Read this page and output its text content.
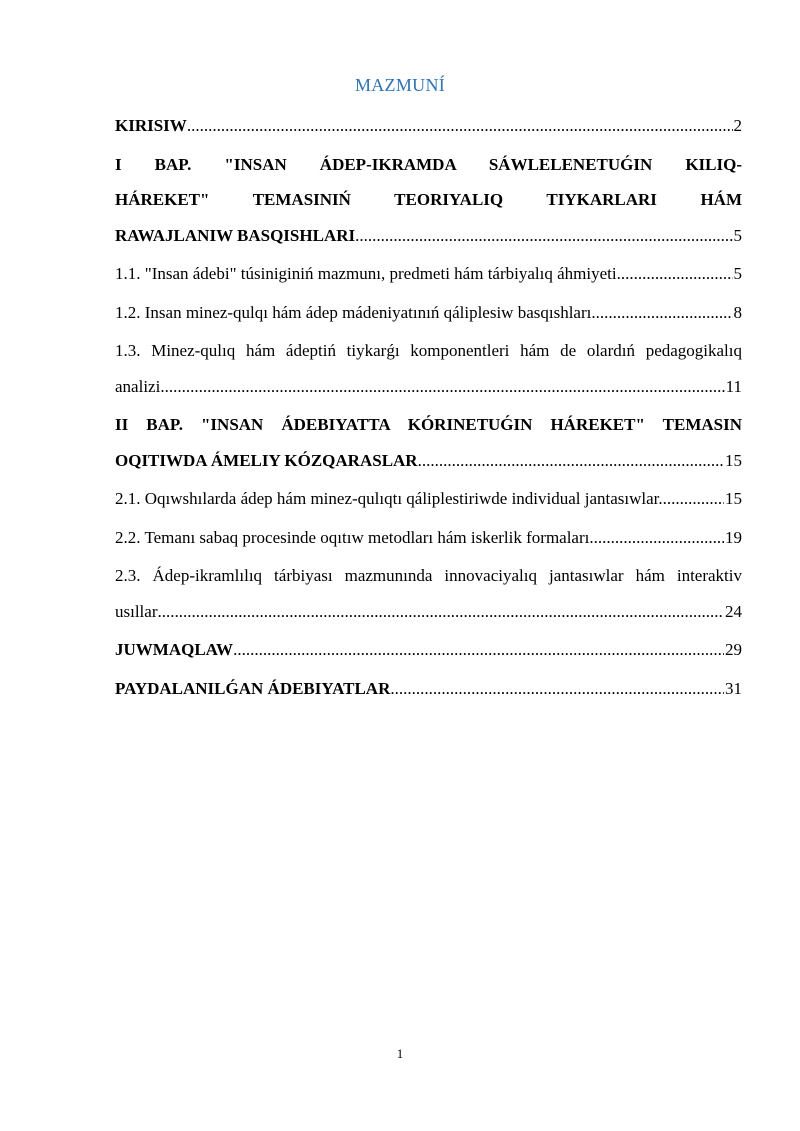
MAZMUNÍ
KIRISIW .....	2
I BAP. "INSAN ÁDEP-IKRAMDA SÁWLELENETUǴIN KILIQ-
HÁREKET" TEMASINIŃ TEORIYALIQ TIYKARLARI HÁM
RAWAJLANIW BASQISHLARI .....	5
1.1. "Insan ádebi" túsiniginiń mazmunı, predmeti hám tárbiyalıq áhmiyeti .....	5
1.2. Insan minez-qulqı hám ádep mádeniyatınıń qáliplesiw basqıshları .....	8
1.3. Minez-qulıq hám ádeptiń tiykarǵı komponentleri hám de olardıń pedagogikalıq
analizi .....	11
II BAP. "INSAN ÁDEBIYATTA KÓRINETUǴIN HÁREKET" TEMASIN
OQITIWDA ÁMELIY KÓZQARASLAR .....	15
2.1. Oqıwshılarda ádep hám minez-qulıqtı qáliplestiriwde individual jantasıwlar. .....	15
2.2. Temanı sabaq procesinde oqıtıw metodları hám iskerlik formaları .....	19
2.3. Ádep-ikramlılıq tárbiyası mazmunında innovaciyalıq jantasıwlar hám interaktiv
usıllar .....	24
JUWMAQLAW .....	29
PAYDALANILǴAN ÁDEBIYATLAR .....	31
1
